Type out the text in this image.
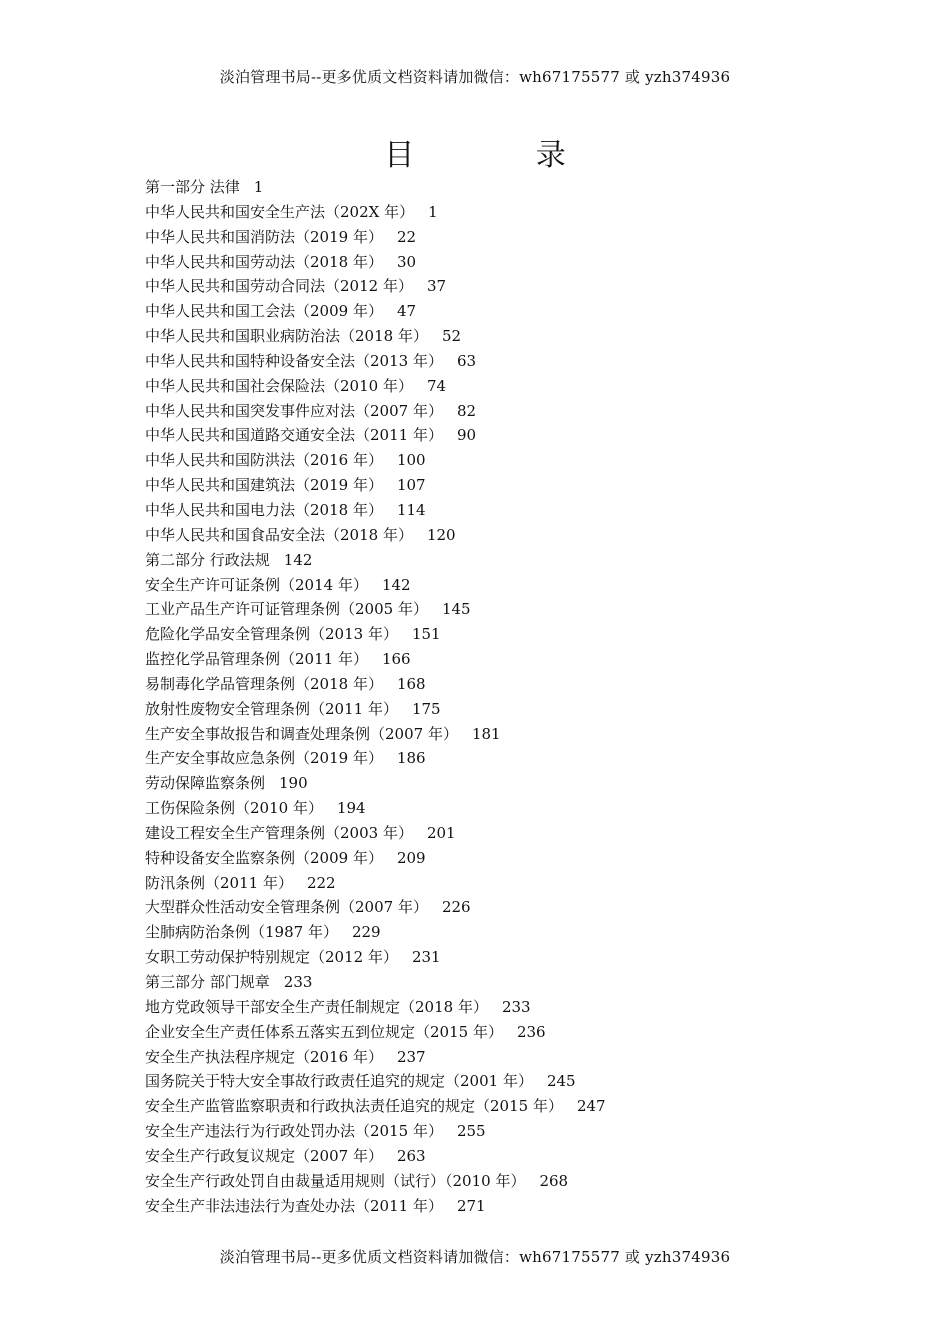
淡泊管理书局--更多优质文档资料请加微信：wh67175577 或 yzh374936
目 录
第一部分 法律 1
中华人民共和国安全生产法（202X 年） 1
中华人民共和国消防法（2019 年） 22
中华人民共和国劳动法（2018 年） 30
中华人民共和国劳动合同法（2012 年） 37
中华人民共和国工会法（2009 年） 47
中华人民共和国职业病防治法（2018 年） 52
中华人民共和国特种设备安全法（2013 年） 63
中华人民共和国社会保险法（2010 年） 74
中华人民共和国突发事件应对法（2007 年） 82
中华人民共和国道路交通安全法（2011 年） 90
中华人民共和国防洪法（2016 年） 100
中华人民共和国建筑法（2019 年） 107
中华人民共和国电力法（2018 年） 114
中华人民共和国食品安全法（2018 年） 120
第二部分 行政法规 142
安全生产许可证条例（2014 年） 142
工业产品生产许可证管理条例（2005 年） 145
危险化学品安全管理条例（2013 年） 151
监控化学品管理条例（2011 年） 166
易制毒化学品管理条例（2018 年） 168
放射性废物安全管理条例（2011 年） 175
生产安全事故报告和调查处理条例（2007 年） 181
生产安全事故应急条例（2019 年） 186
劳动保障监察条例 190
工伤保险条例（2010 年） 194
建设工程安全生产管理条例（2003 年） 201
特种设备安全监察条例（2009 年） 209
防汛条例（2011 年） 222
大型群众性活动安全管理条例（2007 年） 226
尘肺病防治条例（1987 年） 229
女职工劳动保护特别规定（2012 年） 231
第三部分 部门规章 233
地方党政领导干部安全生产责任制规定（2018 年） 233
企业安全生产责任体系五落实五到位规定（2015 年） 236
安全生产执法程序规定（2016 年） 237
国务院关于特大安全事故行政责任追究的规定（2001 年） 245
安全生产监管监察职责和行政执法责任追究的规定（2015 年） 247
安全生产违法行为行政处罚办法（2015 年） 255
安全生产行政复议规定（2007 年） 263
安全生产行政处罚自由裁量适用规则（试行）（2010 年） 268
安全生产非法违法行为查处办法（2011 年） 271
淡泊管理书局--更多优质文档资料请加微信：wh67175577 或 yzh374936
